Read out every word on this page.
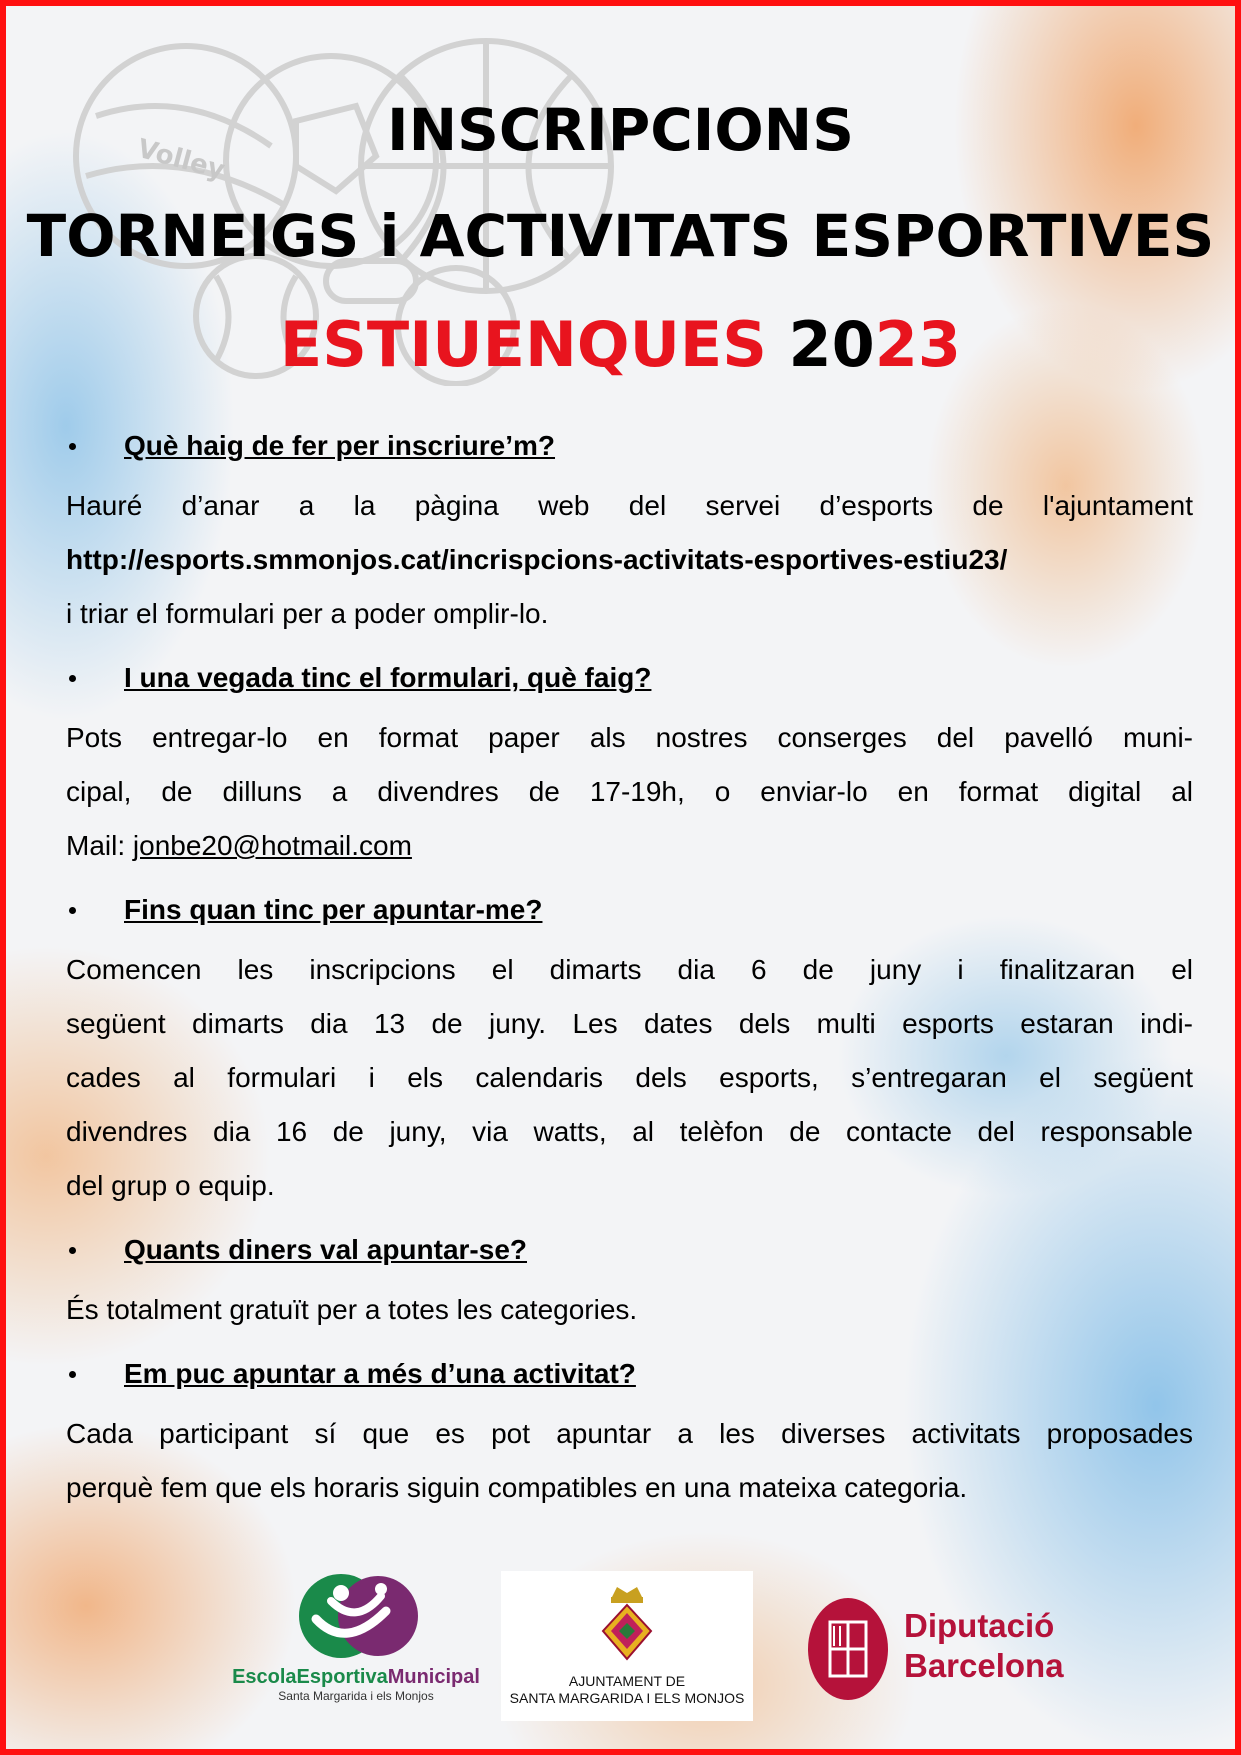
Volley	INSCRIPCIONS
TORNEIGS i ACTIVITATS ESPORTIVES
ESTIUENQUES 2023
Què haig de fer per inscriure’m?
Hauré d’anar a la pàgina web del servei d’esports de l'ajuntament
http://esports.smmonjos.cat/incrispcions-activitats-esportives-estiu23/
i triar el formulari per a poder omplir-lo.
I una vegada tinc el formulari, què faig?
Pots entregar-lo en format paper als nostres conserges del pavelló muni-
cipal, de dilluns a divendres de 17-19h, o enviar-lo en format digital al
Mail: jonbe20@hotmail.com
Fins quan tinc per apuntar-me?
Comencen les inscripcions el dimarts dia 6 de juny i finalitzaran el
següent dimarts dia 13 de juny. Les dates dels multi esports estaran indi-
cades al formulari i els calendaris dels esports, s’entregaran el següent
divendres dia 16 de juny, via watts, al telèfon de contacte del responsable
del grup o equip.
Quants diners val apuntar-se?
És totalment gratuït per a totes les categories.
Em puc apuntar a més d’una activitat?
Cada participant sí que es pot apuntar a les diverses activitats proposades
perquè fem que els horaris siguin compatibles en una mateixa categoria.
EscolaEsportivaMunicipal
Santa Margarida i els Monjos
AJUNTAMENT DE
SANTA MARGARIDA I ELS MONJOS
Diputació
Barcelona
